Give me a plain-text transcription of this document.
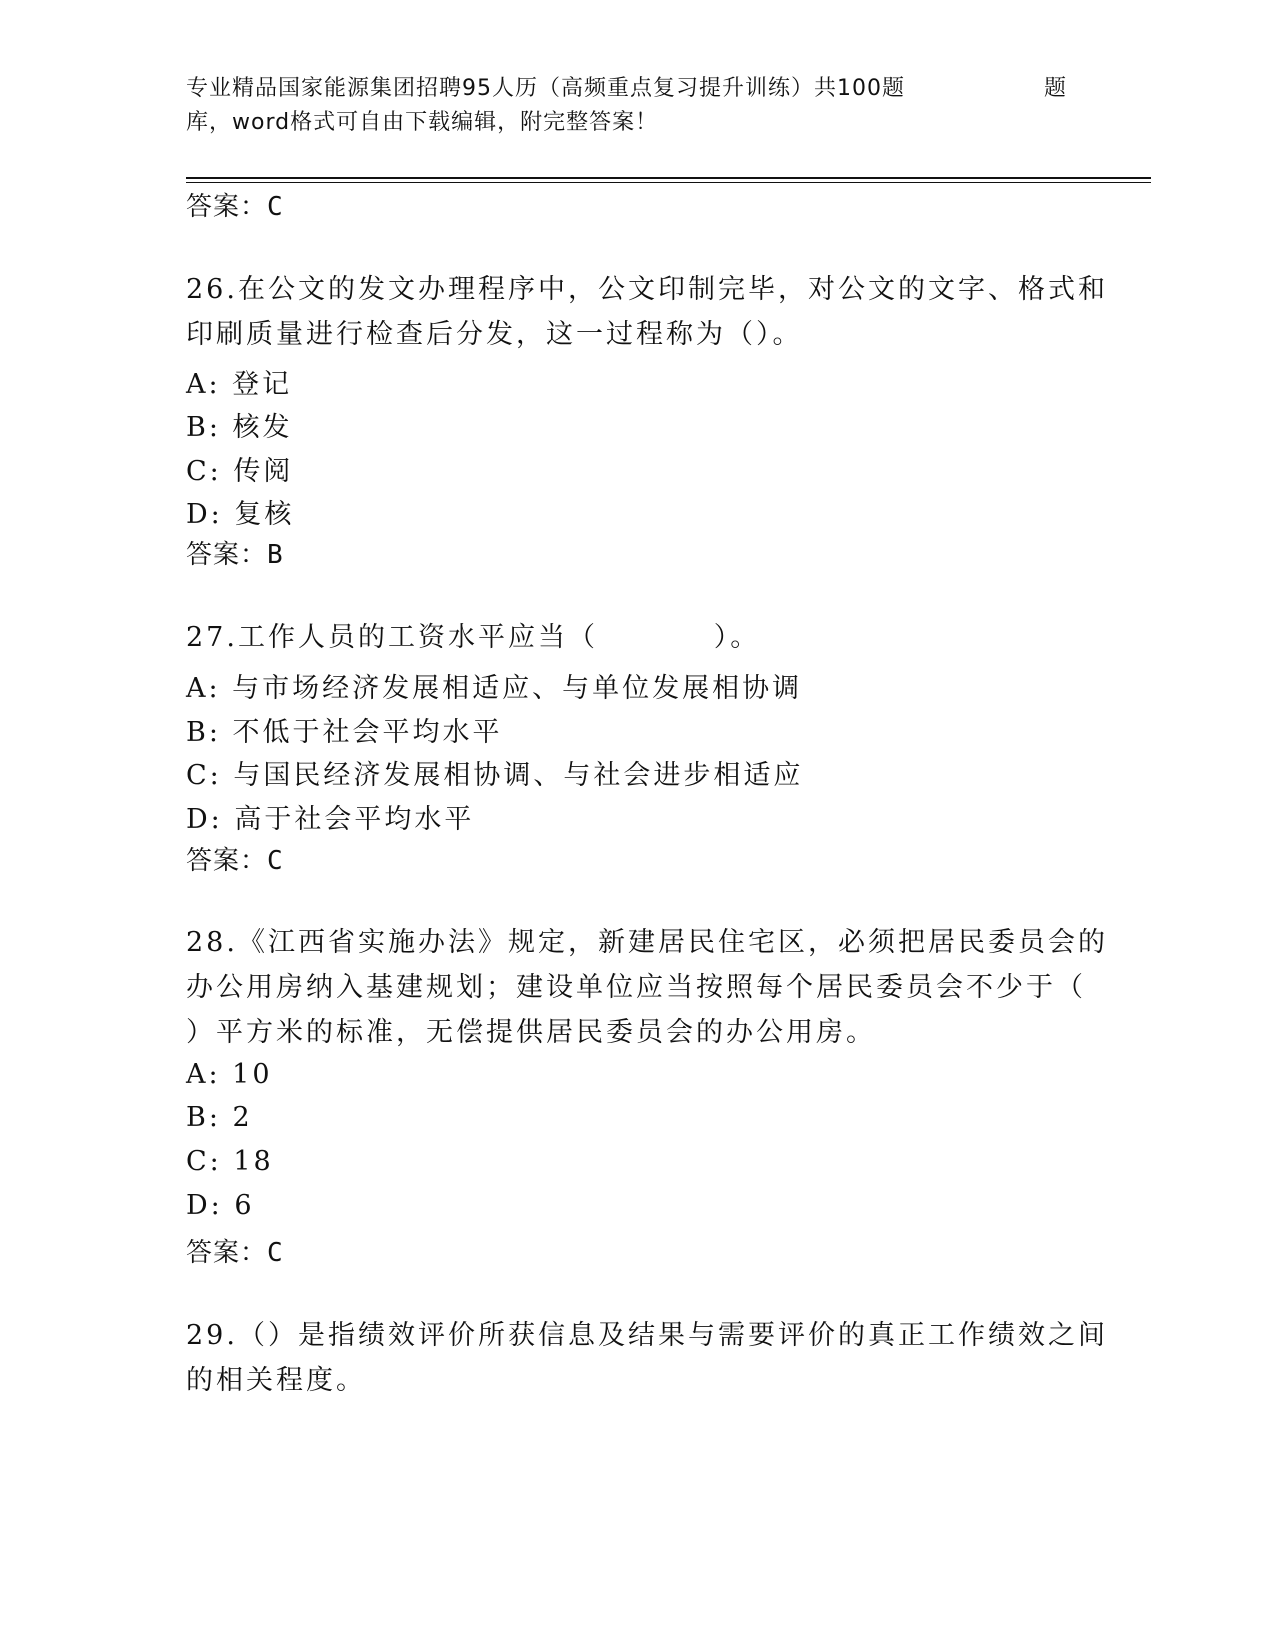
专业精品国家能源集团招聘95人历（高频重点复习提升训练）共100题	题
库，word格式可自由下载编辑，附完整答案！
答案：C

26.在公文的发文办理程序中，公文印制完毕，对公文的文字、格式和

印刷质量进行检查后分发，这一过程称为（）。

A: 登记
B: 核发
C: 传阅
D: 复核
答案：B

27.工作人员的工资水平应当（          ）。

A: 与市场经济发展相适应、与单位发展相协调
B: 不低于社会平均水平
C: 与国民经济发展相协调、与社会进步相适应
D: 高于社会平均水平
答案：C

28.《江西省实施办法》规定，新建居民住宅区，必须把居民委员会的

办公用房纳入基建规划；建设单位应当按照每个居民委员会不少于（

）平方米的标准，无偿提供居民委员会的办公用房。

A: 10
B: 2
C: 18
D: 6
答案：C

29.（）是指绩效评价所获信息及结果与需要评价的真正工作绩效之间

的相关程度。
